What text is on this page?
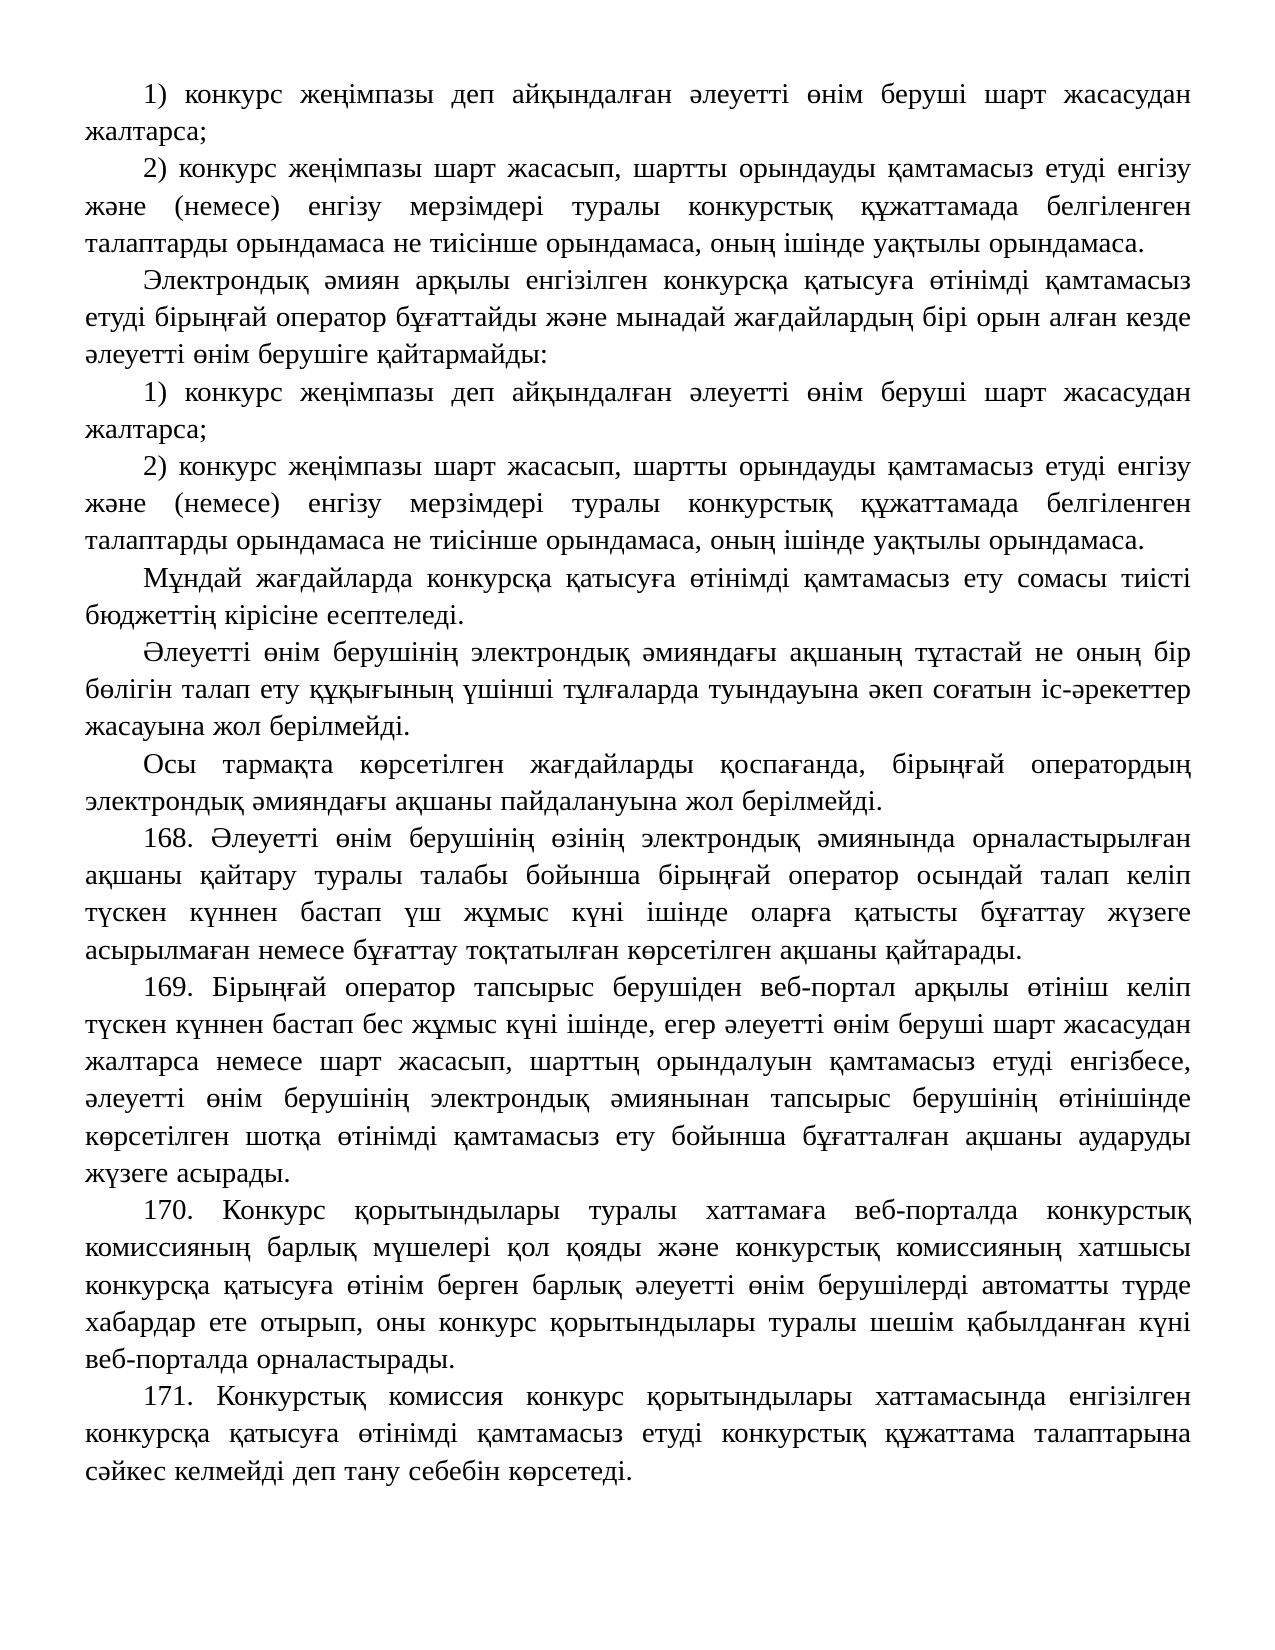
1) конкурс жеңімпазы деп айқындалған әлеуетті өнім беруші шарт жасасудан жалтарса;

2) конкурс жеңімпазы шарт жасасып, шартты орындауды қамтамасыз етуді енгізу және (немесе) енгізу мерзімдері туралы конкурстық құжаттамада белгіленген талаптарды орындамаса не тиісінше орындамаса, оның ішінде уақтылы орындамаса.

Электрондық әмиян арқылы енгізілген конкурсқа қатысуға өтінімді қамтамасыз етуді бірыңғай оператор бұғаттайды және мынадай жағдайлардың бірі орын алған кезде әлеуетті өнім берушіге қайтармайды:

1) конкурс жеңімпазы деп айқындалған әлеуетті өнім беруші шарт жасасудан жалтарса;

2) конкурс жеңімпазы шарт жасасып, шартты орындауды қамтамасыз етуді енгізу және (немесе) енгізу мерзімдері туралы конкурстық құжаттамада белгіленген талаптарды орындамаса не тиісінше орындамаса, оның ішінде уақтылы орындамаса.

Мұндай жағдайларда конкурсқа қатысуға өтінімді қамтамасыз ету сомасы тиісті бюджеттің кірісіне есептеледі.

Әлеуетті өнім берушінің электрондық әмияндағы ақшаның тұтастай не оның бір бөлігін талап ету құқығының үшінші тұлғаларда туындауына әкеп соғатын іс-әрекеттер жасауына жол берілмейді.

Осы тармақта көрсетілген жағдайларды қоспағанда, бірыңғай оператордың электрондық әмияндағы ақшаны пайдалануына жол берілмейді.

168. Әлеуетті өнім берушінің өзінің электрондық әмиянында орналастырылған ақшаны қайтару туралы талабы бойынша бірыңғай оператор осындай талап келіп түскен күннен бастап үш жұмыс күні ішінде оларға қатысты бұғаттау жүзеге асырылмаған немесе бұғаттау тоқтатылған көрсетілген ақшаны қайтарады.

169. Бірыңғай оператор тапсырыс берушіден веб-портал арқылы өтініш келіп түскен күннен бастап бес жұмыс күні ішінде, егер әлеуетті өнім беруші шарт жасасудан жалтарса немесе шарт жасасып, шарттың орындалуын қамтамасыз етуді енгізбесе, әлеуетті өнім берушінің электрондық әмиянынан тапсырыс берушінің өтінішінде көрсетілген шотқа өтінімді қамтамасыз ету бойынша бұғатталған ақшаны аударуды жүзеге асырады.

170. Конкурс қорытындылары туралы хаттамаға веб-порталда конкурстық комиссияның барлық мүшелері қол қояды және конкурстық комиссияның хатшысы конкурсқа қатысуға өтінім берген барлық әлеуетті өнім берушілерді автоматты түрде хабардар ете отырып, оны конкурс қорытындылары туралы шешім қабылданған күні веб-порталда орналастырады.

171. Конкурстық комиссия конкурс қорытындылары хаттамасында енгізілген конкурсқа қатысуға өтінімді қамтамасыз етуді конкурстық құжаттама талаптарына сәйкес келмейді деп тану себебін көрсетеді.
